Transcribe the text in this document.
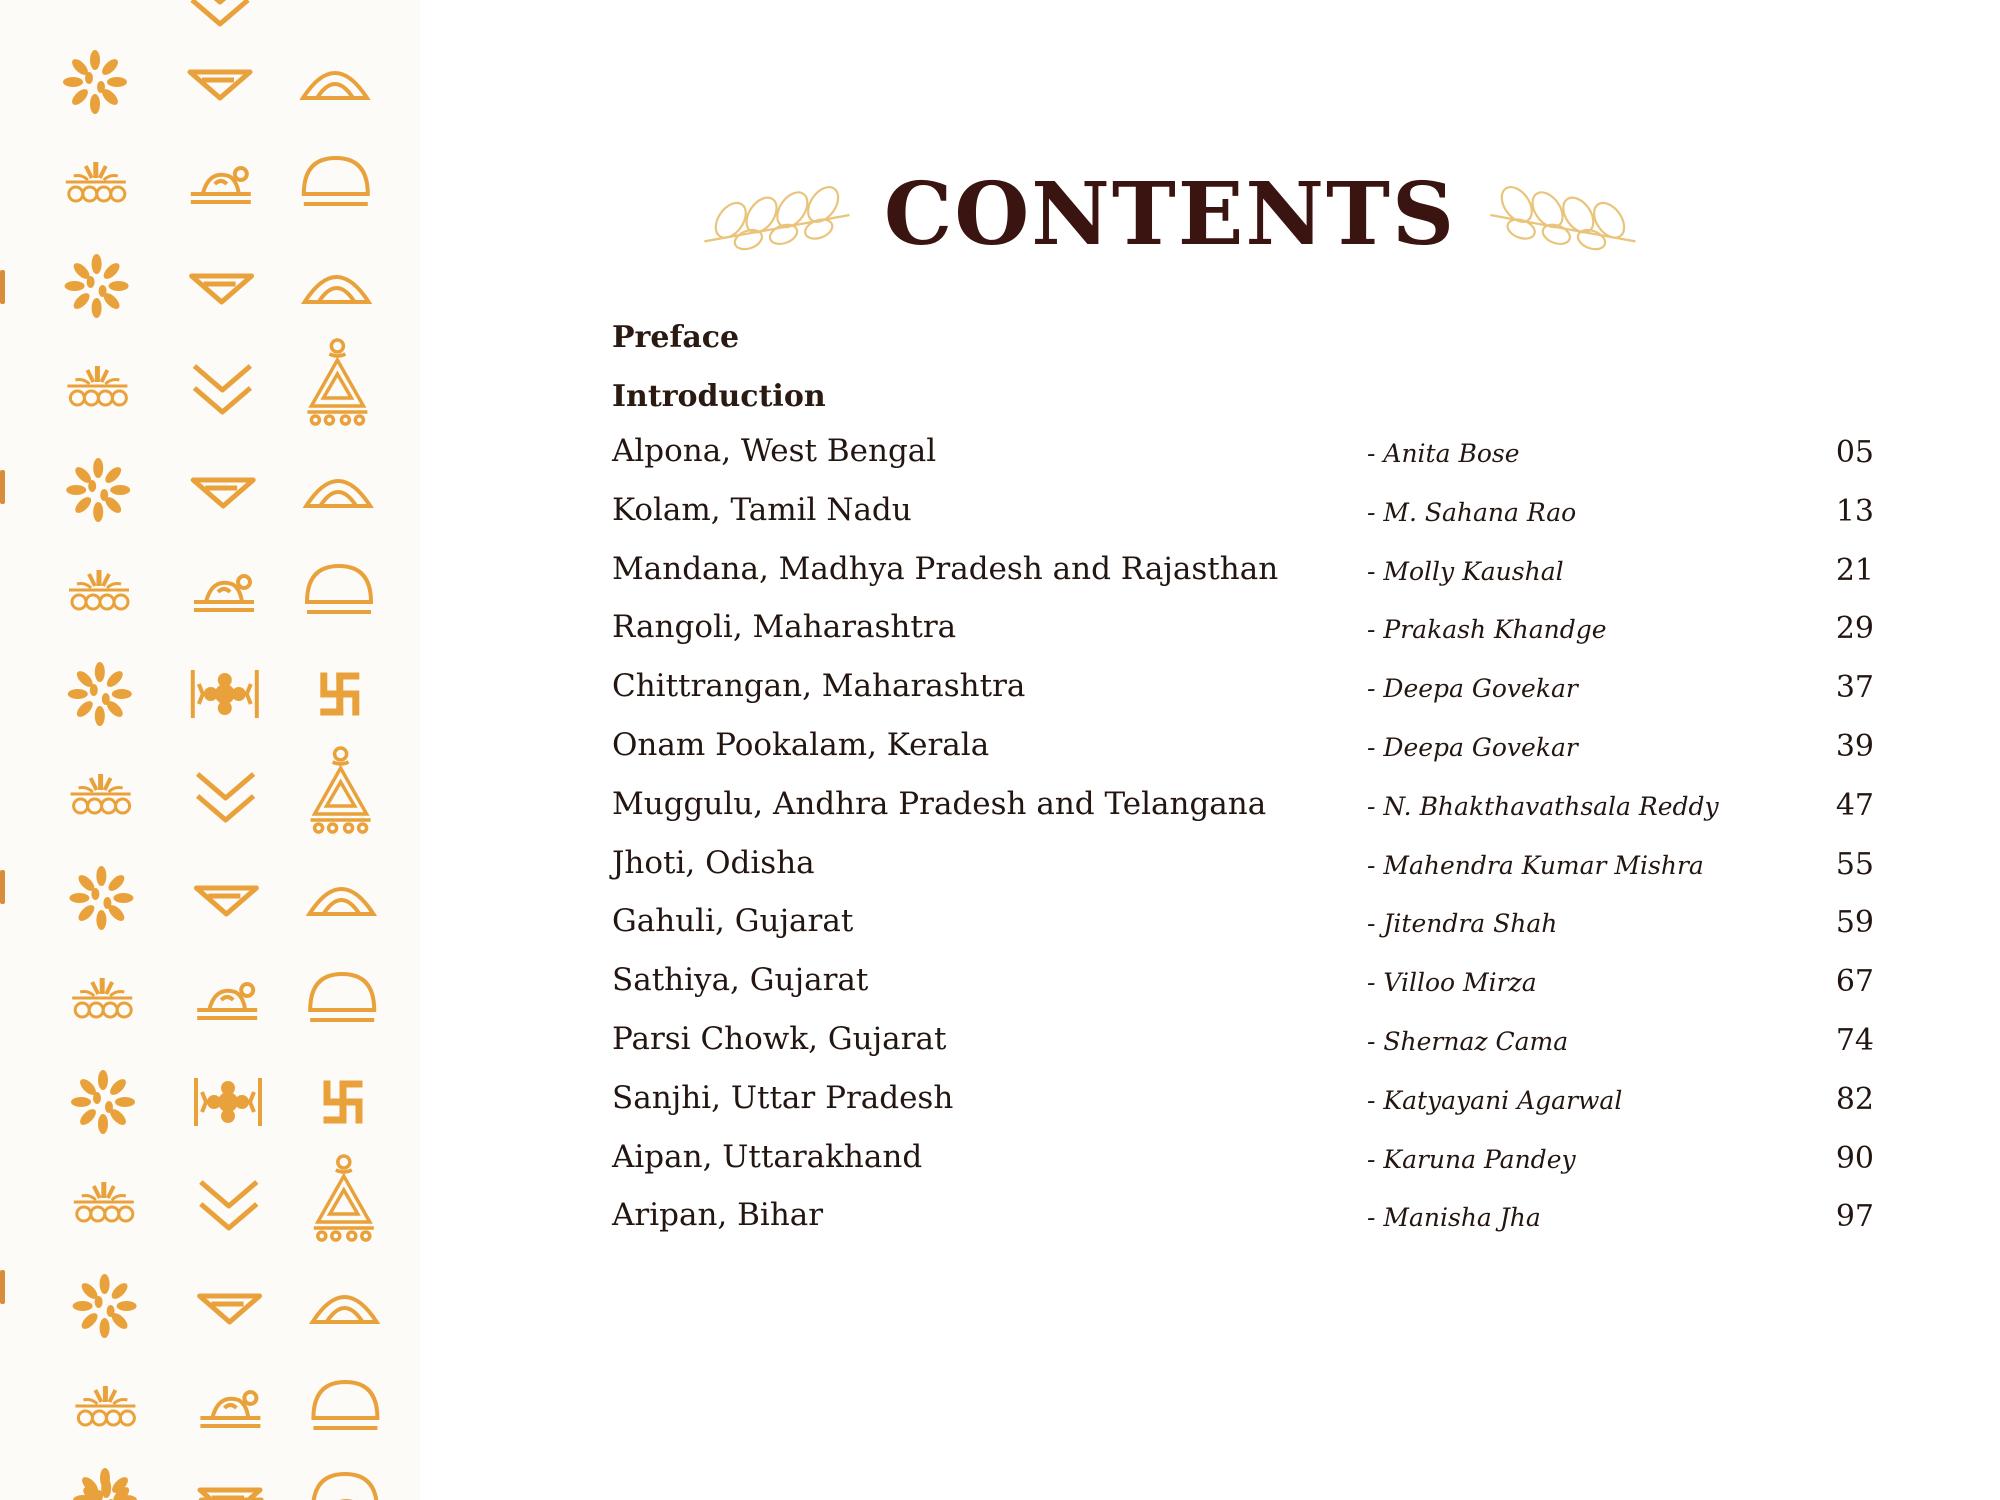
CONTENTS
Preface
Introduction
Alpona, West Bengal	- Anita Bose	05
Kolam, Tamil Nadu	- M. Sahana Rao	13
Mandana, Madhya Pradesh and Rajasthan	- Molly Kaushal	21
Rangoli, Maharashtra	- Prakash Khandge	29
Chittrangan, Maharashtra	- Deepa Govekar	37
Onam Pookalam, Kerala	- Deepa Govekar	39
Muggulu, Andhra Pradesh and Telangana	- N. Bhakthavathsala Reddy	47
Jhoti, Odisha	- Mahendra Kumar Mishra	55
Gahuli, Gujarat	- Jitendra Shah	59
Sathiya, Gujarat	- Villoo Mirza	67
Parsi Chowk, Gujarat	- Shernaz Cama	74
Sanjhi, Uttar Pradesh	- Katyayani Agarwal	82
Aipan, Uttarakhand	- Karuna Pandey	90
Aripan, Bihar	- Manisha Jha	97
